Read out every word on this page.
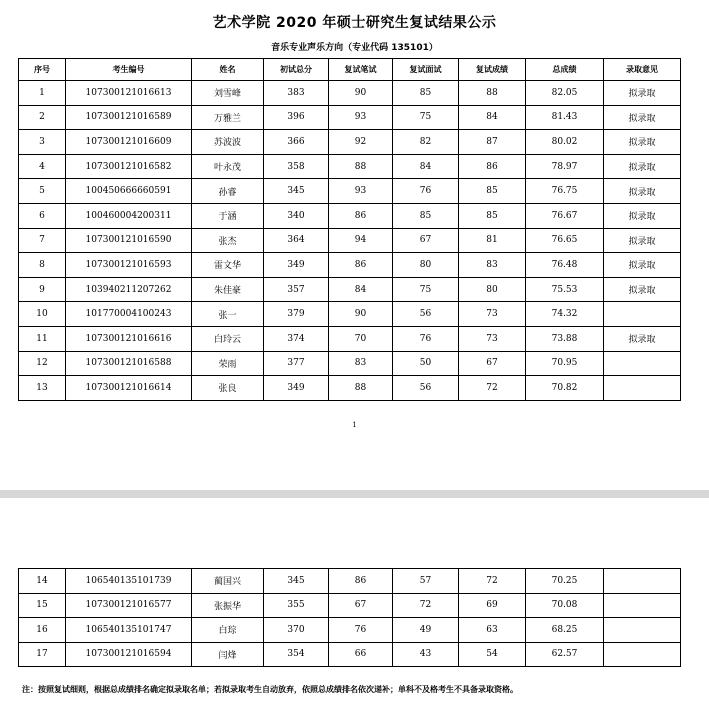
艺术学院 2020 年硕士研究生复试结果公示
音乐专业声乐方向（专业代码 135101）
序号	考生编号	姓名	初试总分	复试笔试	复试面试	复试成绩	总成绩	录取意见
1	107300121016613	刘雪峰	383	90	85	88	82.05	拟录取
2	107300121016589	万雅兰	396	93	75	84	81.43	拟录取
3	107300121016609	苏波波	366	92	82	87	80.02	拟录取
4	107300121016582	叶永茂	358	88	84	86	78.97	拟录取
5	100450666660591	孙睿	345	93	76	85	76.75	拟录取
6	100460004200311	于涵	340	86	85	85	76.67	拟录取
7	107300121016590	张杰	364	94	67	81	76.65	拟录取
8	107300121016593	雷文华	349	86	80	83	76.48	拟录取
9	103940211207262	朱佳豪	357	84	75	80	75.53	拟录取
10	101770004100243	张一	379	90	56	73	74.32	
11	107300121016616	白玲云	374	70	76	73	73.88	拟录取
12	107300121016588	荣雨	377	83	50	67	70.95	
13	107300121016614	张良	349	88	56	72	70.82	
1
14	106540135101739	蔺国兴	345	86	57	72	70.25	
15	107300121016577	张振华	355	67	72	69	70.08	
16	106540135101747	白琮	370	76	49	63	68.25	
17	107300121016594	闫烽	354	66	43	54	62.57	
注：按照复试细则，根据总成绩排名确定拟录取名单；若拟录取考生自动放弃，依照总成绩排名依次递补；单科不及格考生不具备录取资格。
